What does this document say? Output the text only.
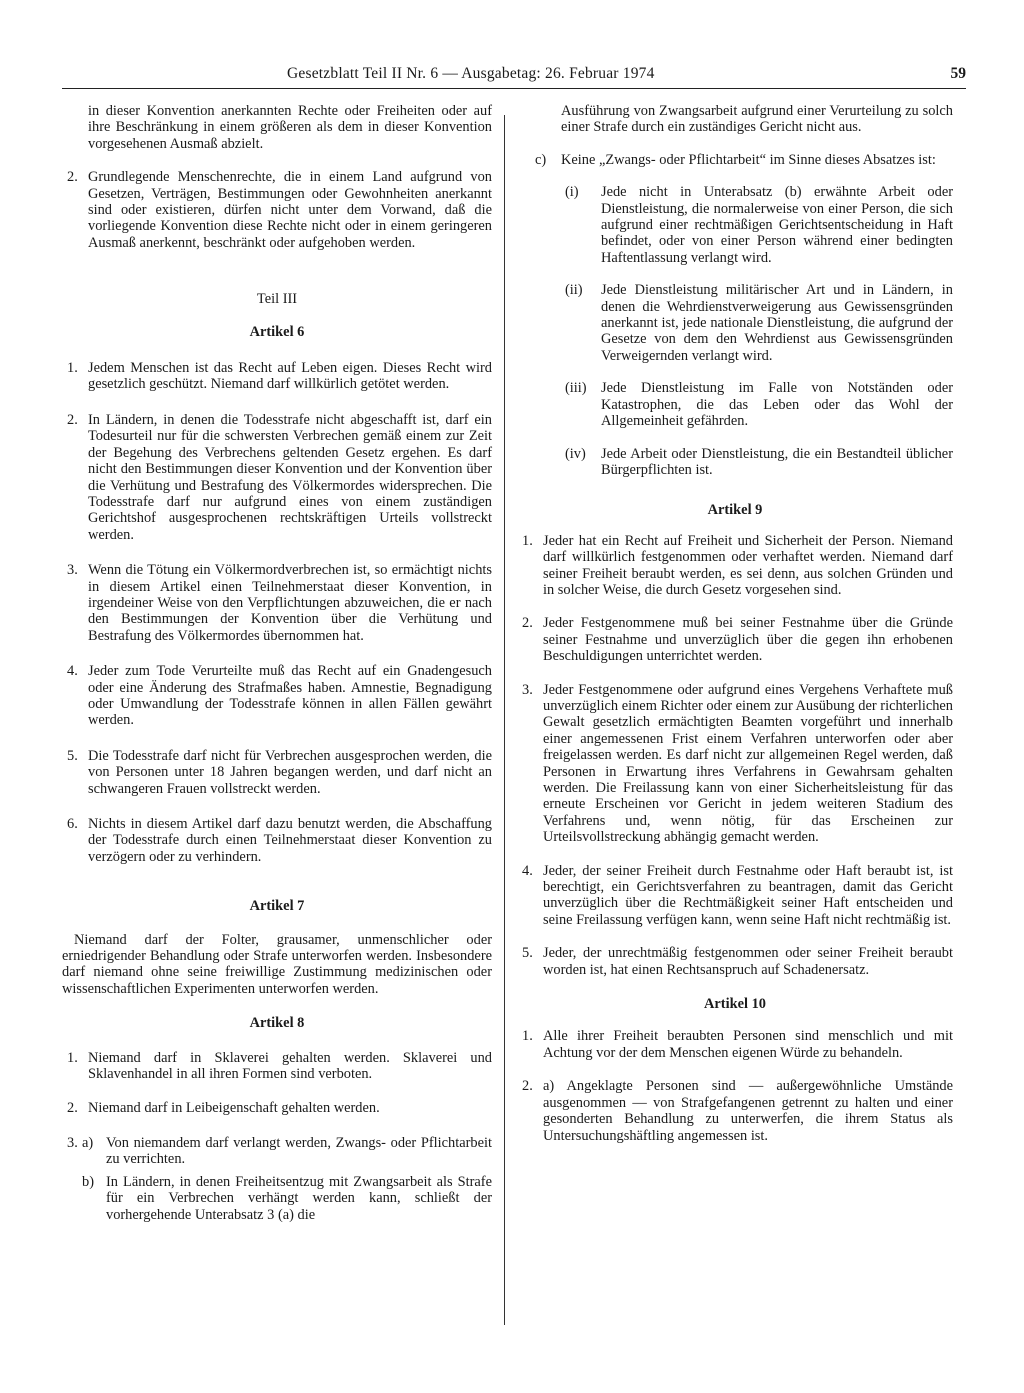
Gesetzblatt Teil II Nr. 6 — Ausgabetag: 26. Februar 1974	59

in dieser Konvention anerkannten Rechte oder Freiheiten oder auf ihre Beschränkung in einem größeren als dem in dieser Konvention vorgesehenen Ausmaß abzielt.

2. Grundlegende Menschenrechte, die in einem Land aufgrund von Gesetzen, Verträgen, Bestimmungen oder Gewohnheiten anerkannt sind oder existieren, dürfen nicht unter dem Vorwand, daß die vorliegende Konvention diese Rechte nicht oder in einem geringeren Ausmaß anerkennt, beschränkt oder aufgehoben werden.

Teil III

Artikel 6

1. Jedem Menschen ist das Recht auf Leben eigen. Dieses Recht wird gesetzlich geschützt. Niemand darf willkürlich getötet werden.

2. In Ländern, in denen die Todesstrafe nicht abgeschafft ist, darf ein Todesurteil nur für die schwersten Verbrechen gemäß einem zur Zeit der Begehung des Verbrechens geltenden Gesetz ergehen. Es darf nicht den Bestimmungen dieser Konvention und der Konvention über die Verhütung und Bestrafung des Völkermordes widersprechen. Die Todesstrafe darf nur aufgrund eines von einem zuständigen Gerichtshof ausgesprochenen rechtskräftigen Urteils vollstreckt werden.

3. Wenn die Tötung ein Völkermordverbrechen ist, so ermächtigt nichts in diesem Artikel einen Teilnehmerstaat dieser Konvention, in irgendeiner Weise von den Verpflichtungen abzuweichen, die er nach den Bestimmungen der Konvention über die Verhütung und Bestrafung des Völkermordes übernommen hat.

4. Jeder zum Tode Verurteilte muß das Recht auf ein Gnadengesuch oder eine Änderung des Strafmaßes haben. Amnestie, Begnadigung oder Umwandlung der Todesstrafe können in allen Fällen gewährt werden.

5. Die Todesstrafe darf nicht für Verbrechen ausgesprochen werden, die von Personen unter 18 Jahren begangen werden, und darf nicht an schwangeren Frauen vollstreckt werden.

6. Nichts in diesem Artikel darf dazu benutzt werden, die Abschaffung der Todesstrafe durch einen Teilnehmerstaat dieser Konvention zu verzögern oder zu verhindern.

Artikel 7

Niemand darf der Folter, grausamer, unmenschlicher oder erniedrigender Behandlung oder Strafe unterworfen werden. Insbesondere darf niemand ohne seine freiwillige Zustimmung medizinischen oder wissenschaftlichen Experimenten unterworfen werden.

Artikel 8

1. Niemand darf in Sklaverei gehalten werden. Sklaverei und Sklavenhandel in all ihren Formen sind verboten.

2. Niemand darf in Leibeigenschaft gehalten werden.

3. a) Von niemandem darf verlangt werden, Zwangs- oder Pflichtarbeit zu verrichten.

b) In Ländern, in denen Freiheitsentzug mit Zwangsarbeit als Strafe für ein Verbrechen verhängt werden kann, schließt der vorhergehende Unterabsatz 3 (a) die

Ausführung von Zwangsarbeit aufgrund einer Verurteilung zu solch einer Strafe durch ein zuständiges Gericht nicht aus.

c) Keine „Zwangs- oder Pflichtarbeit“ im Sinne dieses Absatzes ist:

(i) Jede nicht in Unterabsatz (b) erwähnte Arbeit oder Dienstleistung, die normalerweise von einer Person, die sich aufgrund einer rechtmäßigen Gerichtsentscheidung in Haft befindet, oder von einer Person während einer bedingten Haftentlassung verlangt wird.

(ii) Jede Dienstleistung militärischer Art und in Ländern, in denen die Wehrdienstverweigerung aus Gewissensgründen anerkannt ist, jede nationale Dienstleistung, die aufgrund der Gesetze von dem den Wehrdienst aus Gewissensgründen Verweigernden verlangt wird.

(iii) Jede Dienstleistung im Falle von Notständen oder Katastrophen, die das Leben oder das Wohl der Allgemeinheit gefährden.

(iv) Jede Arbeit oder Dienstleistung, die ein Bestandteil üblicher Bürgerpflichten ist.

Artikel 9

1. Jeder hat ein Recht auf Freiheit und Sicherheit der Person. Niemand darf willkürlich festgenommen oder verhaftet werden. Niemand darf seiner Freiheit beraubt werden, es sei denn, aus solchen Gründen und in solcher Weise, die durch Gesetz vorgesehen sind.

2. Jeder Festgenommene muß bei seiner Festnahme über die Gründe seiner Festnahme und unverzüglich über die gegen ihn erhobenen Beschuldigungen unterrichtet werden.

3. Jeder Festgenommene oder aufgrund eines Vergehens Verhaftete muß unverzüglich einem Richter oder einem zur Ausübung der richterlichen Gewalt gesetzlich ermächtigten Beamten vorgeführt und innerhalb einer angemessenen Frist einem Verfahren unterworfen oder aber freigelassen werden. Es darf nicht zur allgemeinen Regel werden, daß Personen in Erwartung ihres Verfahrens in Gewahrsam gehalten werden. Die Freilassung kann von einer Sicherheitsleistung für das erneute Erscheinen vor Gericht in jedem weiteren Stadium des Verfahrens und, wenn nötig, für das Erscheinen zur Urteilsvollstreckung abhängig gemacht werden.

4. Jeder, der seiner Freiheit durch Festnahme oder Haft beraubt ist, ist berechtigt, ein Gerichtsverfahren zu beantragen, damit das Gericht unverzüglich über die Rechtmäßigkeit seiner Haft entscheiden und seine Freilassung verfügen kann, wenn seine Haft nicht rechtmäßig ist.

5. Jeder, der unrechtmäßig festgenommen oder seiner Freiheit beraubt worden ist, hat einen Rechtsanspruch auf Schadenersatz.

Artikel 10

1. Alle ihrer Freiheit beraubten Personen sind menschlich und mit Achtung vor der dem Menschen eigenen Würde zu behandeln.

2. a) Angeklagte Personen sind — außergewöhnliche Umstände ausgenommen — von Strafgefangenen getrennt zu halten und einer gesonderten Behandlung zu unterwerfen, die ihrem Status als Untersuchungshäftling angemessen ist.
